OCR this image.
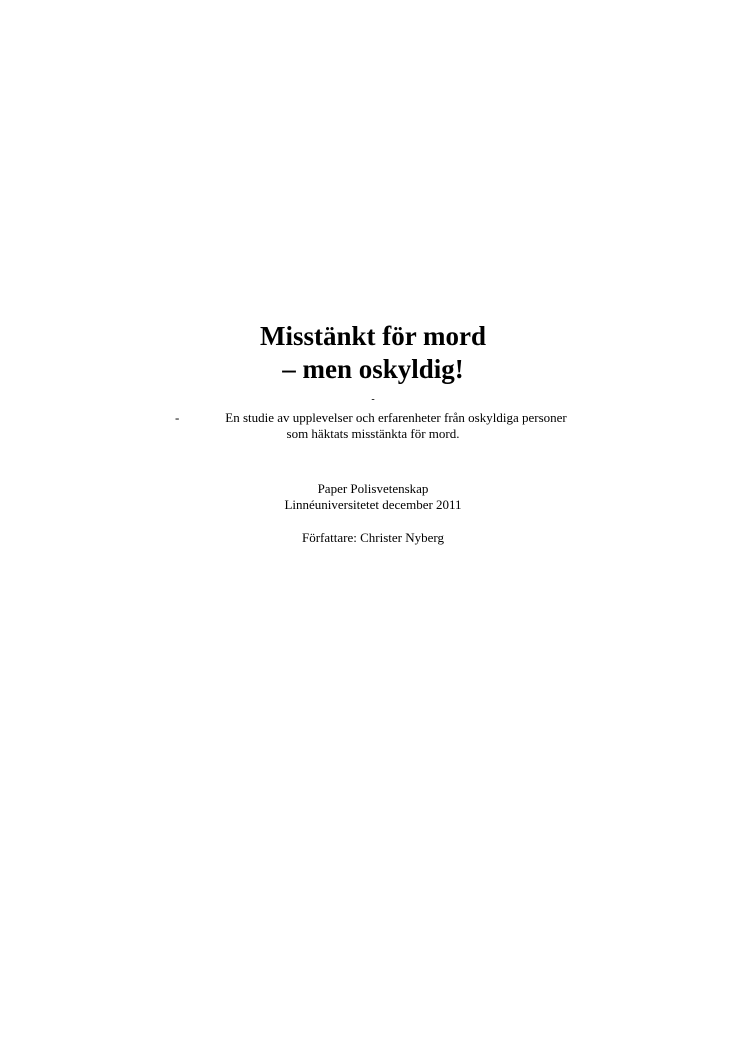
Misstänkt för mord

– men oskyldig!

-
-	En studie av upplevelser och erfarenheter från oskyldiga personer
som häktats misstänkta för mord.
Paper Polisvetenskap
Linnéuniversitetet december 2011
Författare: Christer Nyberg
